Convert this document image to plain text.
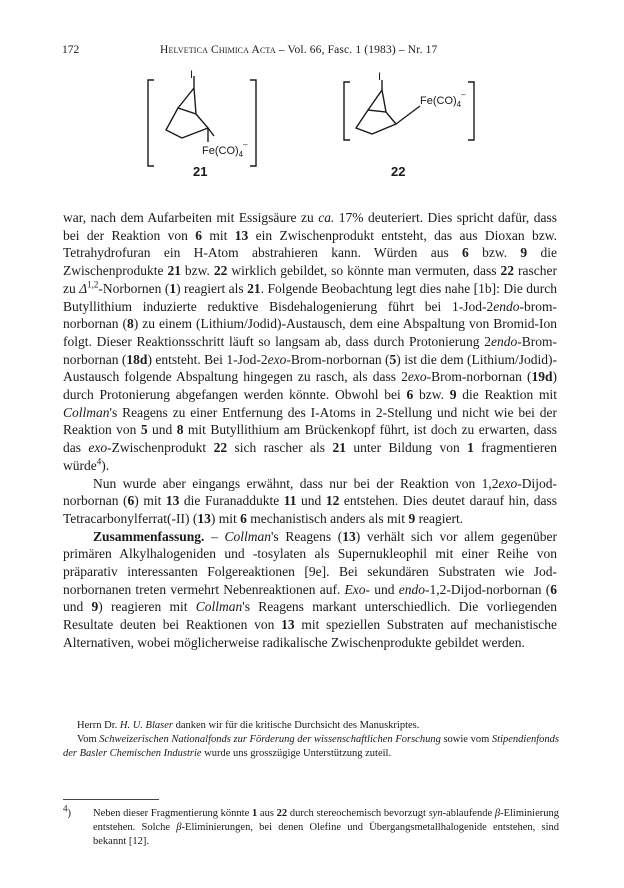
172	Helvetica Chimica Acta – Vol. 66, Fasc. 1 (1983) – Nr. 17
I
$Fe(CO)_4^-$
I
$Fe(CO)_4^-$
21	22

war, nach dem Aufarbeiten mit Essigsäure zu ca. 17% deuteriert. Dies spricht dafür, dass bei der Reaktion von 6 mit 13 ein Zwischenprodukt entsteht, das aus Dioxan bzw. Tetrahydrofuran ein H-Atom abstrahieren kann. Würden aus 6 bzw. 9 die Zwischenprodukte 21 bzw. 22 wirklich gebildet, so könnte man vermuten, dass 22 rascher zu Δ$^{1,2}$-Norbornen (1) reagiert als 21. Folgende Beobachtung legt dies nahe [1b]: Die durch Butyllithium induzierte reduktive Bisdehalogenierung führt bei 1-Jod-2endo-brom-norbornan (8) zu einem (Lithium/Jodid)-Austausch, dem eine Abspaltung von Bromid-Ion folgt. Dieser Reaktionsschritt läuft so langsam ab, dass durch Protonierung 2endo-Brom-norbornan (18d) entsteht. Bei 1-Jod-2exo-Brom-norbornan (5) ist die dem (Lithium/Jodid)-Austausch folgende Abspaltung hingegen zu rasch, als dass 2exo-Brom-norbornan (19d) durch Protonierung abgefangen werden könnte. Obwohl bei 6 bzw. 9 die Reaktion mit Collman's Reagens zu einer Entfernung des I-Atoms in 2-Stellung und nicht wie bei der Reaktion von 5 und 8 mit Butyllithium am Brückenkopf führt, ist doch zu erwarten, dass das exo-Zwischenprodukt 22 sich rascher als 21 unter Bildung von 1 fragmentieren würde$^4$).

Nun wurde aber eingangs erwähnt, dass nur bei der Reaktion von 1,2exo-Dijod-norbornan (6) mit 13 die Furanaddukte 11 und 12 entstehen. Dies deutet darauf hin, dass Tetracarbonylferrat(-II) (13) mit 6 mechanistisch anders als mit 9 reagiert.

Zusammenfassung. – Collman's Reagens (13) verhält sich vor allem gegenüber primären Alkylhalogeniden und -tosylaten als Supernukleophil mit einer Reihe von präparativ interessanten Folgereaktionen [9e]. Bei sekundären Substraten wie Jod-norbornanen treten vermehrt Nebenreaktionen auf. Exo- und endo-1,2-Dijod-norbornan (6 und 9) reagieren mit Collman's Reagens markant unterschiedlich. Die vorliegenden Resultate deuten bei Reaktionen von 13 mit speziellen Substraten auf mechanistische Alternativen, wobei möglicherweise radikalische Zwischenprodukte gebildet werden.

Herrn Dr. H. U. Blaser danken wir für die kritische Durchsicht des Manuskriptes.

Vom Schweizerischen Nationalfonds zur Förderung der wissenschaftlichen Forschung sowie vom Stipendienfonds der Basler Chemischen Industrie wurde uns grosszügige Unterstützung zuteil.

$^4$) Neben dieser Fragmentierung könnte 1 aus 22 durch stereochemisch bevorzugt syn-ablaufende β-Eliminierung entstehen. Solche β-Eliminierungen, bei denen Olefine und Übergangsmetallhalogenide entstehen, sind bekannt [12].
